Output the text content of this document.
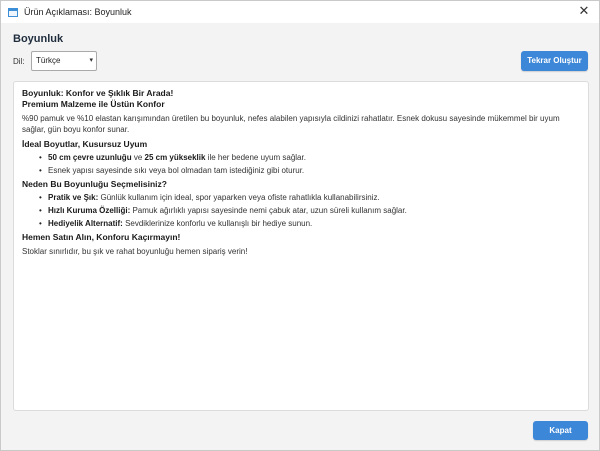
Ürün Açıklaması: Boyunluk	✕
Boyunluk
Dil:	Türkçe	▾	Tekrar Oluştur
Boyunluk: Konfor ve Şıklık Bir Arada!
Premium Malzeme ile Üstün Konfor
%90 pamuk ve %10 elastan karışımından üretilen bu boyunluk, nefes alabilen yapısıyla cildinizi rahatlatır. Esnek dokusu sayesinde mükemmel bir uyum sağlar, gün boyu konfor sunar.
İdeal Boyutlar, Kusursuz Uyum
• 50 cm çevre uzunluğu ve 25 cm yükseklik ile her bedene uyum sağlar.
• Esnek yapısı sayesinde sıkı veya bol olmadan tam istediğiniz gibi oturur.
Neden Bu Boyunluğu Seçmelisiniz?
• Pratik ve Şık: Günlük kullanım için ideal, spor yaparken veya ofiste rahatlıkla kullanabilirsiniz.
• Hızlı Kuruma Özelliği: Pamuk ağırlıklı yapısı sayesinde nemi çabuk atar, uzun süreli kullanım sağlar.
• Hediyelik Alternatif: Sevdiklerinize konforlu ve kullanışlı bir hediye sunun.
Hemen Satın Alın, Konforu Kaçırmayın!
Stoklar sınırlıdır, bu şık ve rahat boyunluğu hemen sipariş verin!
Kapat
